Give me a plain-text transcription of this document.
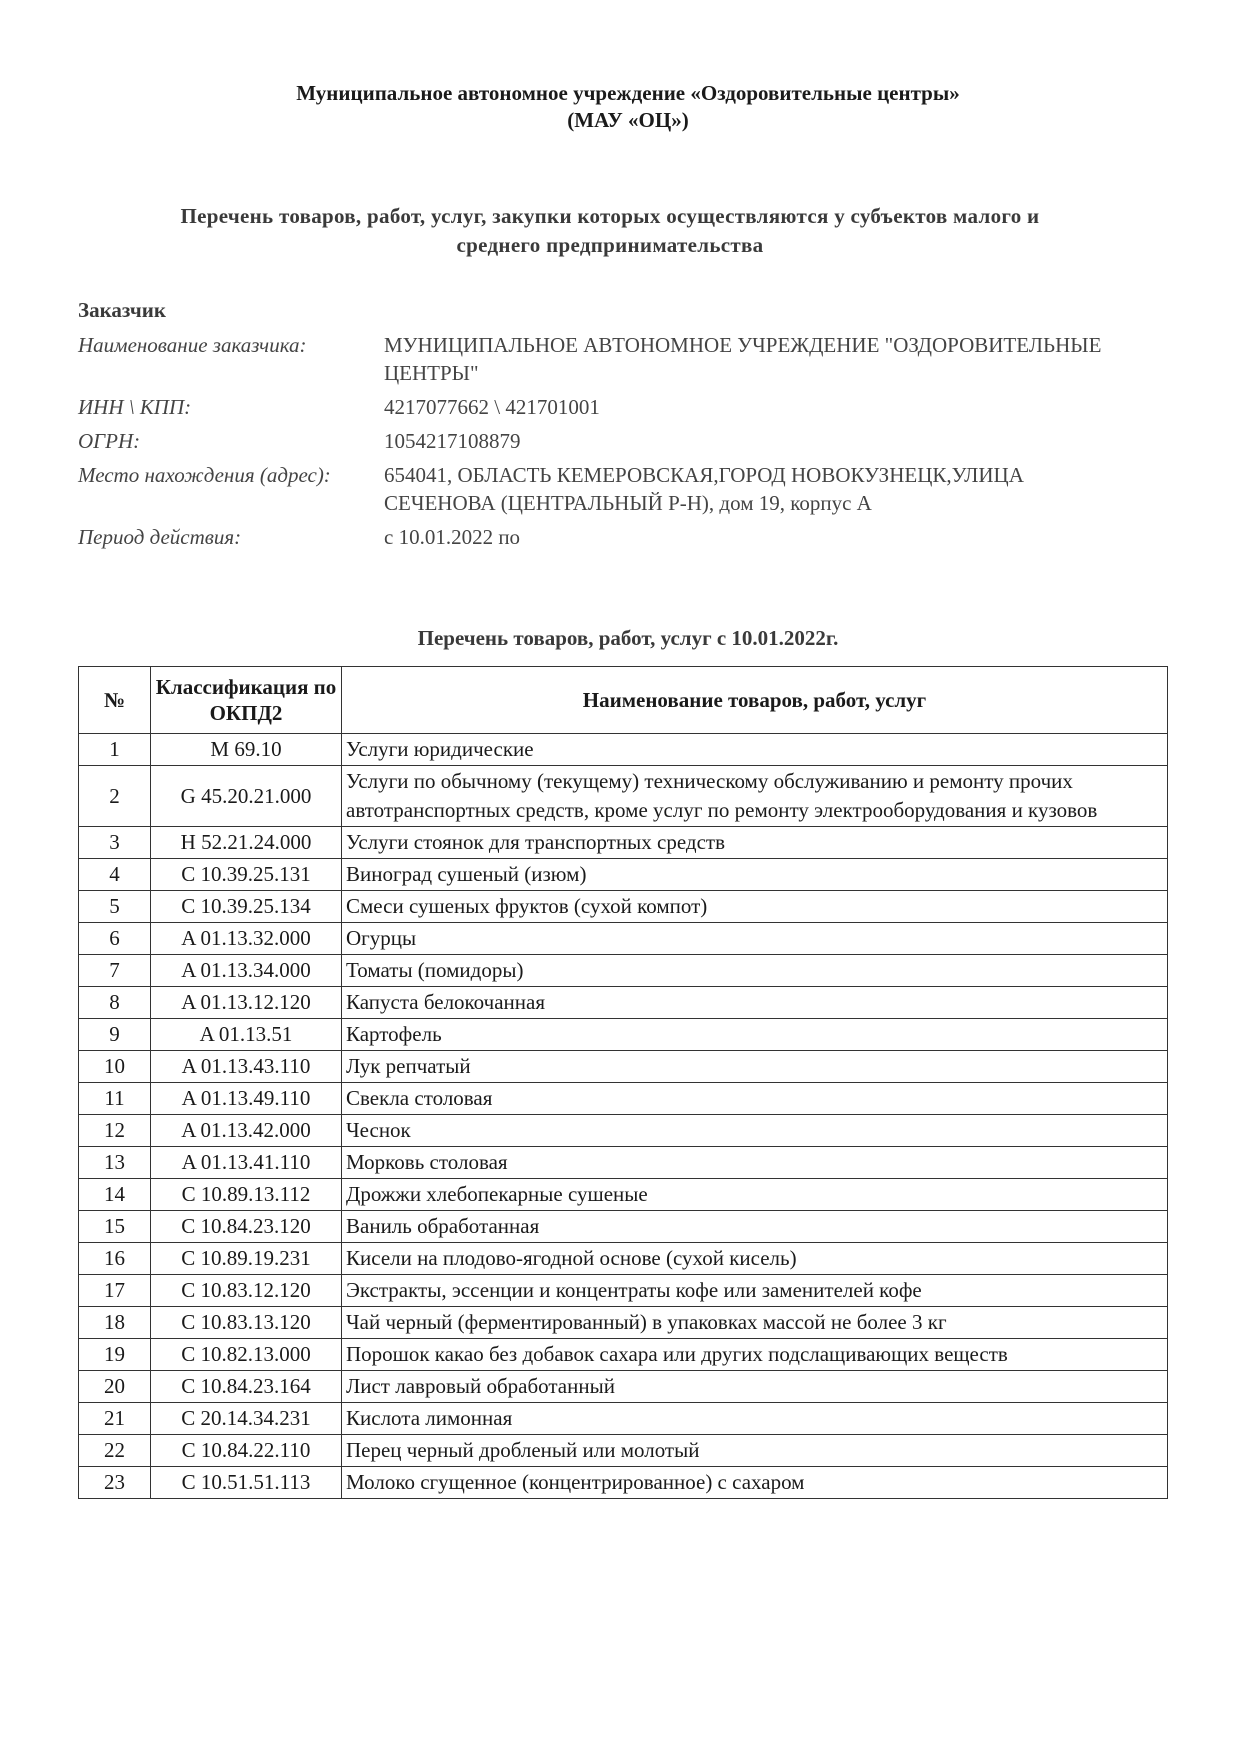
Муниципальное автономное учреждение «Оздоровительные центры»
(МАУ «ОЦ»)
Перечень товаров, работ, услуг, закупки которых осуществляются у субъектов малого и
среднего предпринимательства
Заказчик
Наименование заказчика:	МУНИЦИПАЛЬНОЕ АВТОНОМНОЕ УЧРЕЖДЕНИЕ "ОЗДОРОВИТЕЛЬНЫЕ ЦЕНТРЫ"
ИНН \ КПП:	4217077662 \ 421701001
ОГРН:	1054217108879
Место нахождения (адрес):	654041, ОБЛАСТЬ КЕМЕРОВСКАЯ,ГОРОД НОВОКУЗНЕЦК,УЛИЦА СЕЧЕНОВА (ЦЕНТРАЛЬНЫЙ Р-Н), дом 19, корпус А
Период действия:	с 10.01.2022 по
Перечень товаров, работ, услуг с 10.01.2022г.
№	Классификация по ОКПД2	Наименование товаров, работ, услуг
1	M 69.10	Услуги юридические
2	G 45.20.21.000	Услуги по обычному (текущему) техническому обслуживанию и ремонту прочих автотранспортных средств, кроме услуг по ремонту электрооборудования и кузовов
3	H 52.21.24.000	Услуги стоянок для транспортных средств
4	C 10.39.25.131	Виноград сушеный (изюм)
5	C 10.39.25.134	Смеси сушеных фруктов (сухой компот)
6	A 01.13.32.000	Огурцы
7	A 01.13.34.000	Томаты (помидоры)
8	A 01.13.12.120	Капуста белокочанная
9	A 01.13.51	Картофель
10	A 01.13.43.110	Лук репчатый
11	A 01.13.49.110	Свекла столовая
12	A 01.13.42.000	Чеснок
13	A 01.13.41.110	Морковь столовая
14	C 10.89.13.112	Дрожжи хлебопекарные сушеные
15	C 10.84.23.120	Ваниль обработанная
16	C 10.89.19.231	Кисели на плодово-ягодной основе (сухой кисель)
17	C 10.83.12.120	Экстракты, эссенции и концентраты кофе или заменителей кофе
18	C 10.83.13.120	Чай черный (ферментированный) в упаковках массой не более 3 кг
19	C 10.82.13.000	Порошок какао без добавок сахара или других подслащивающих веществ
20	C 10.84.23.164	Лист лавровый обработанный
21	C 20.14.34.231	Кислота лимонная
22	C 10.84.22.110	Перец черный дробленый или молотый
23	C 10.51.51.113	Молоко сгущенное (концентрированное) с сахаром
